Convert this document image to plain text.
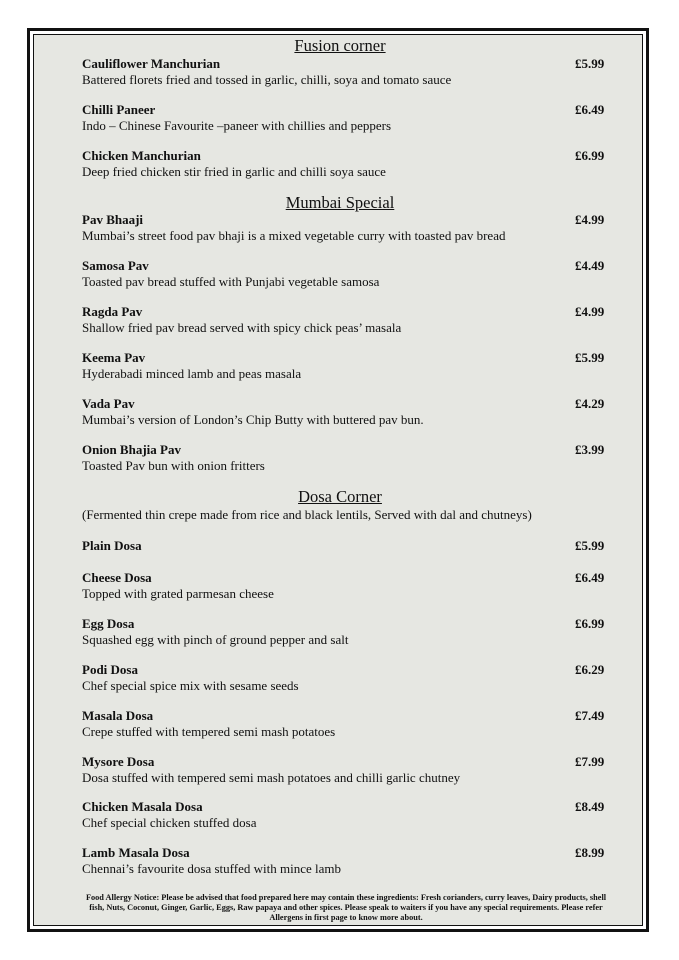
Fusion corner
Cauliflower Manchurian
Battered florets fried and tossed in garlic, chilli, soya and tomato sauce
£5.99
Chilli Paneer
Indo – Chinese Favourite –paneer with chillies and peppers
£6.49
Chicken Manchurian
Deep fried chicken stir fried in garlic and chilli soya sauce
£6.99
Mumbai Special
Pav Bhaaji
Mumbai’s street food pav bhaji is a mixed vegetable curry with toasted pav bread
£4.99
Samosa Pav
Toasted pav bread stuffed with Punjabi vegetable samosa
£4.49
Ragda Pav
Shallow fried pav bread served with spicy chick peas’ masala
£4.99
Keema Pav
Hyderabadi minced lamb and peas masala
£5.99
Vada Pav
Mumbai’s version of London’s Chip Butty with buttered pav bun.
£4.29
Onion Bhajia Pav
Toasted Pav bun with onion fritters
£3.99
Dosa Corner
(Fermented thin crepe made from rice and black lentils, Served with dal and chutneys)
Plain Dosa	£5.99
Cheese Dosa
Topped with grated parmesan cheese
£6.49
Egg Dosa
Squashed egg with pinch of ground pepper and salt
£6.99
Podi Dosa
Chef special spice mix with sesame seeds
£6.29
Masala Dosa
Crepe stuffed with tempered semi mash potatoes
£7.49
Mysore Dosa
Dosa stuffed with tempered semi mash potatoes and chilli garlic chutney
£7.99
Chicken Masala Dosa
Chef special chicken stuffed dosa
£8.49
Lamb Masala Dosa
Chennai’s favourite dosa stuffed with mince lamb
£8.99
Food Allergy Notice: Please be advised that food prepared here may contain these ingredients: Fresh corianders, curry leaves, Dairy products, shell fish, Nuts, Coconut, Ginger, Garlic, Eggs, Raw papaya and other spices. Please speak to waiters if you have any special requirements. Please refer Allergens in first page to know more about.
